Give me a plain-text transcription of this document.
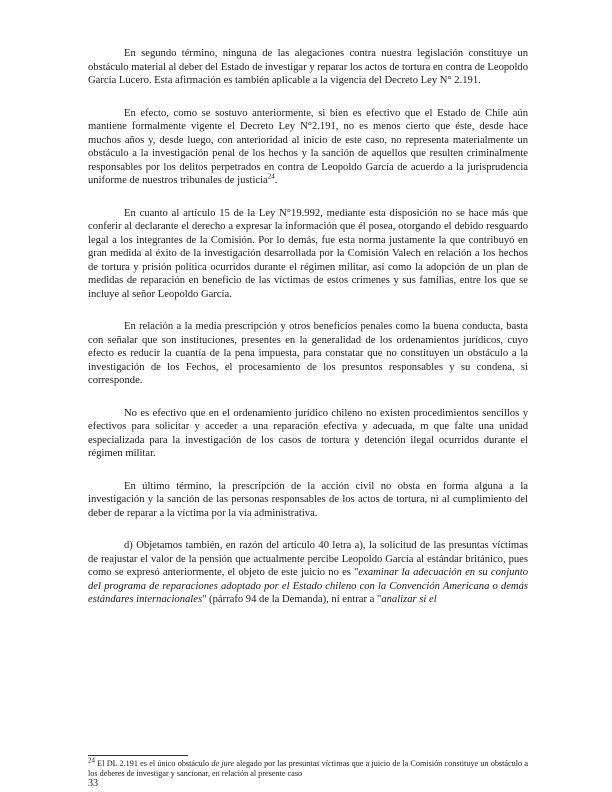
En segundo término, ninguna de las alegaciones contra nuestra legislación constituye un obstáculo material al deber del Estado de investigar y reparar los actos de tortura en contra de Leopoldo García Lucero. Esta afirmación es también aplicable a la vigencia del Decreto Ley N° 2.191.

En efecto, como se sostuvo anteriormente, si bien es efectivo que el Estado de Chile aún mantiene formalmente vigente el Decreto Ley N°2.191, no es menos cierto que éste, desde hace muchos años y, desde luego, con anterioridad al inicio de este caso, no representa materialmente un obstáculo a la investigación penal de los hechos y la sanción de aquellos que resulten criminalmente responsables por los delitos perpetrados en contra de Leopoldo García de acuerdo a la jurisprudencia uniforme de nuestros tribunales de justicia$^{24}$.

En cuanto al artículo 15 de la Ley N°19.992, mediante esta disposición no se hace más que conferir al declarante el derecho a expresar la información que él posea, otorgando el debido resguardo legal a los integrantes de la Comisión. Por lo demás, fue esta norma justamente la que contribuyó en gran medida al éxito de la investigación desarrollada por la Comisión Valech en relación a los hechos de tortura y prisión política ocurridos durante el régimen militar, así como la adopción de un plan de medidas de reparación en beneficio de las víctimas de estos crímenes y sus familias, entre los que se incluye al señor Leopoldo García.

En relación a la media prescripción y otros beneficios penales como la buena conducta, basta con señalar que son instituciones, presentes en la generalidad de los ordenamientos jurídicos, cuyo efecto es reducir la cuantía de la pena impuesta, para constatar que no constituyen un obstáculo a la investigación de los Fechos, el procesamiento de los presuntos responsables y su condena, si corresponde.

No es efectivo que en el ordenamiento jurídico chileno no existen procedimientos sencillos y efectivos para solicitar y acceder a una reparación efectiva y adecuada, m que falte una unidad especializada para la investigación de los casos de tortura y detención ilegal ocurridos durante el régimen militar.

En último término, la prescripción de la acción civil no obsta en forma alguna a la investigación y la sanción de las personas responsables de los actos de tortura, ni al cumplimiento del deber de reparar a la víctima por la vía administrativa.

d) Objetamos también, en razón del artículo 40 letra a), la solicitud de las presuntas víctimas de reajustar el valor de la pensión que actualmente percibe Leopoldo García al estándar británico, pues como se expresó anteriormente, el objeto de este juicio no es "examinar la adecuación en su conjunto del programa de reparaciones adoptado por el Estado chileno con la Convención Americana o demás estándares internacionales" (párrafo 94 de la Demanda), ni entrar a "analizar si el

$^{24}$ El DL 2.191 es el único obstáculo de jure alegado por las presuntas víctimas que a juicio de la Comisión constituye un obstáculo a los deberes de investigar y sancionar, en relación al presente caso
33
